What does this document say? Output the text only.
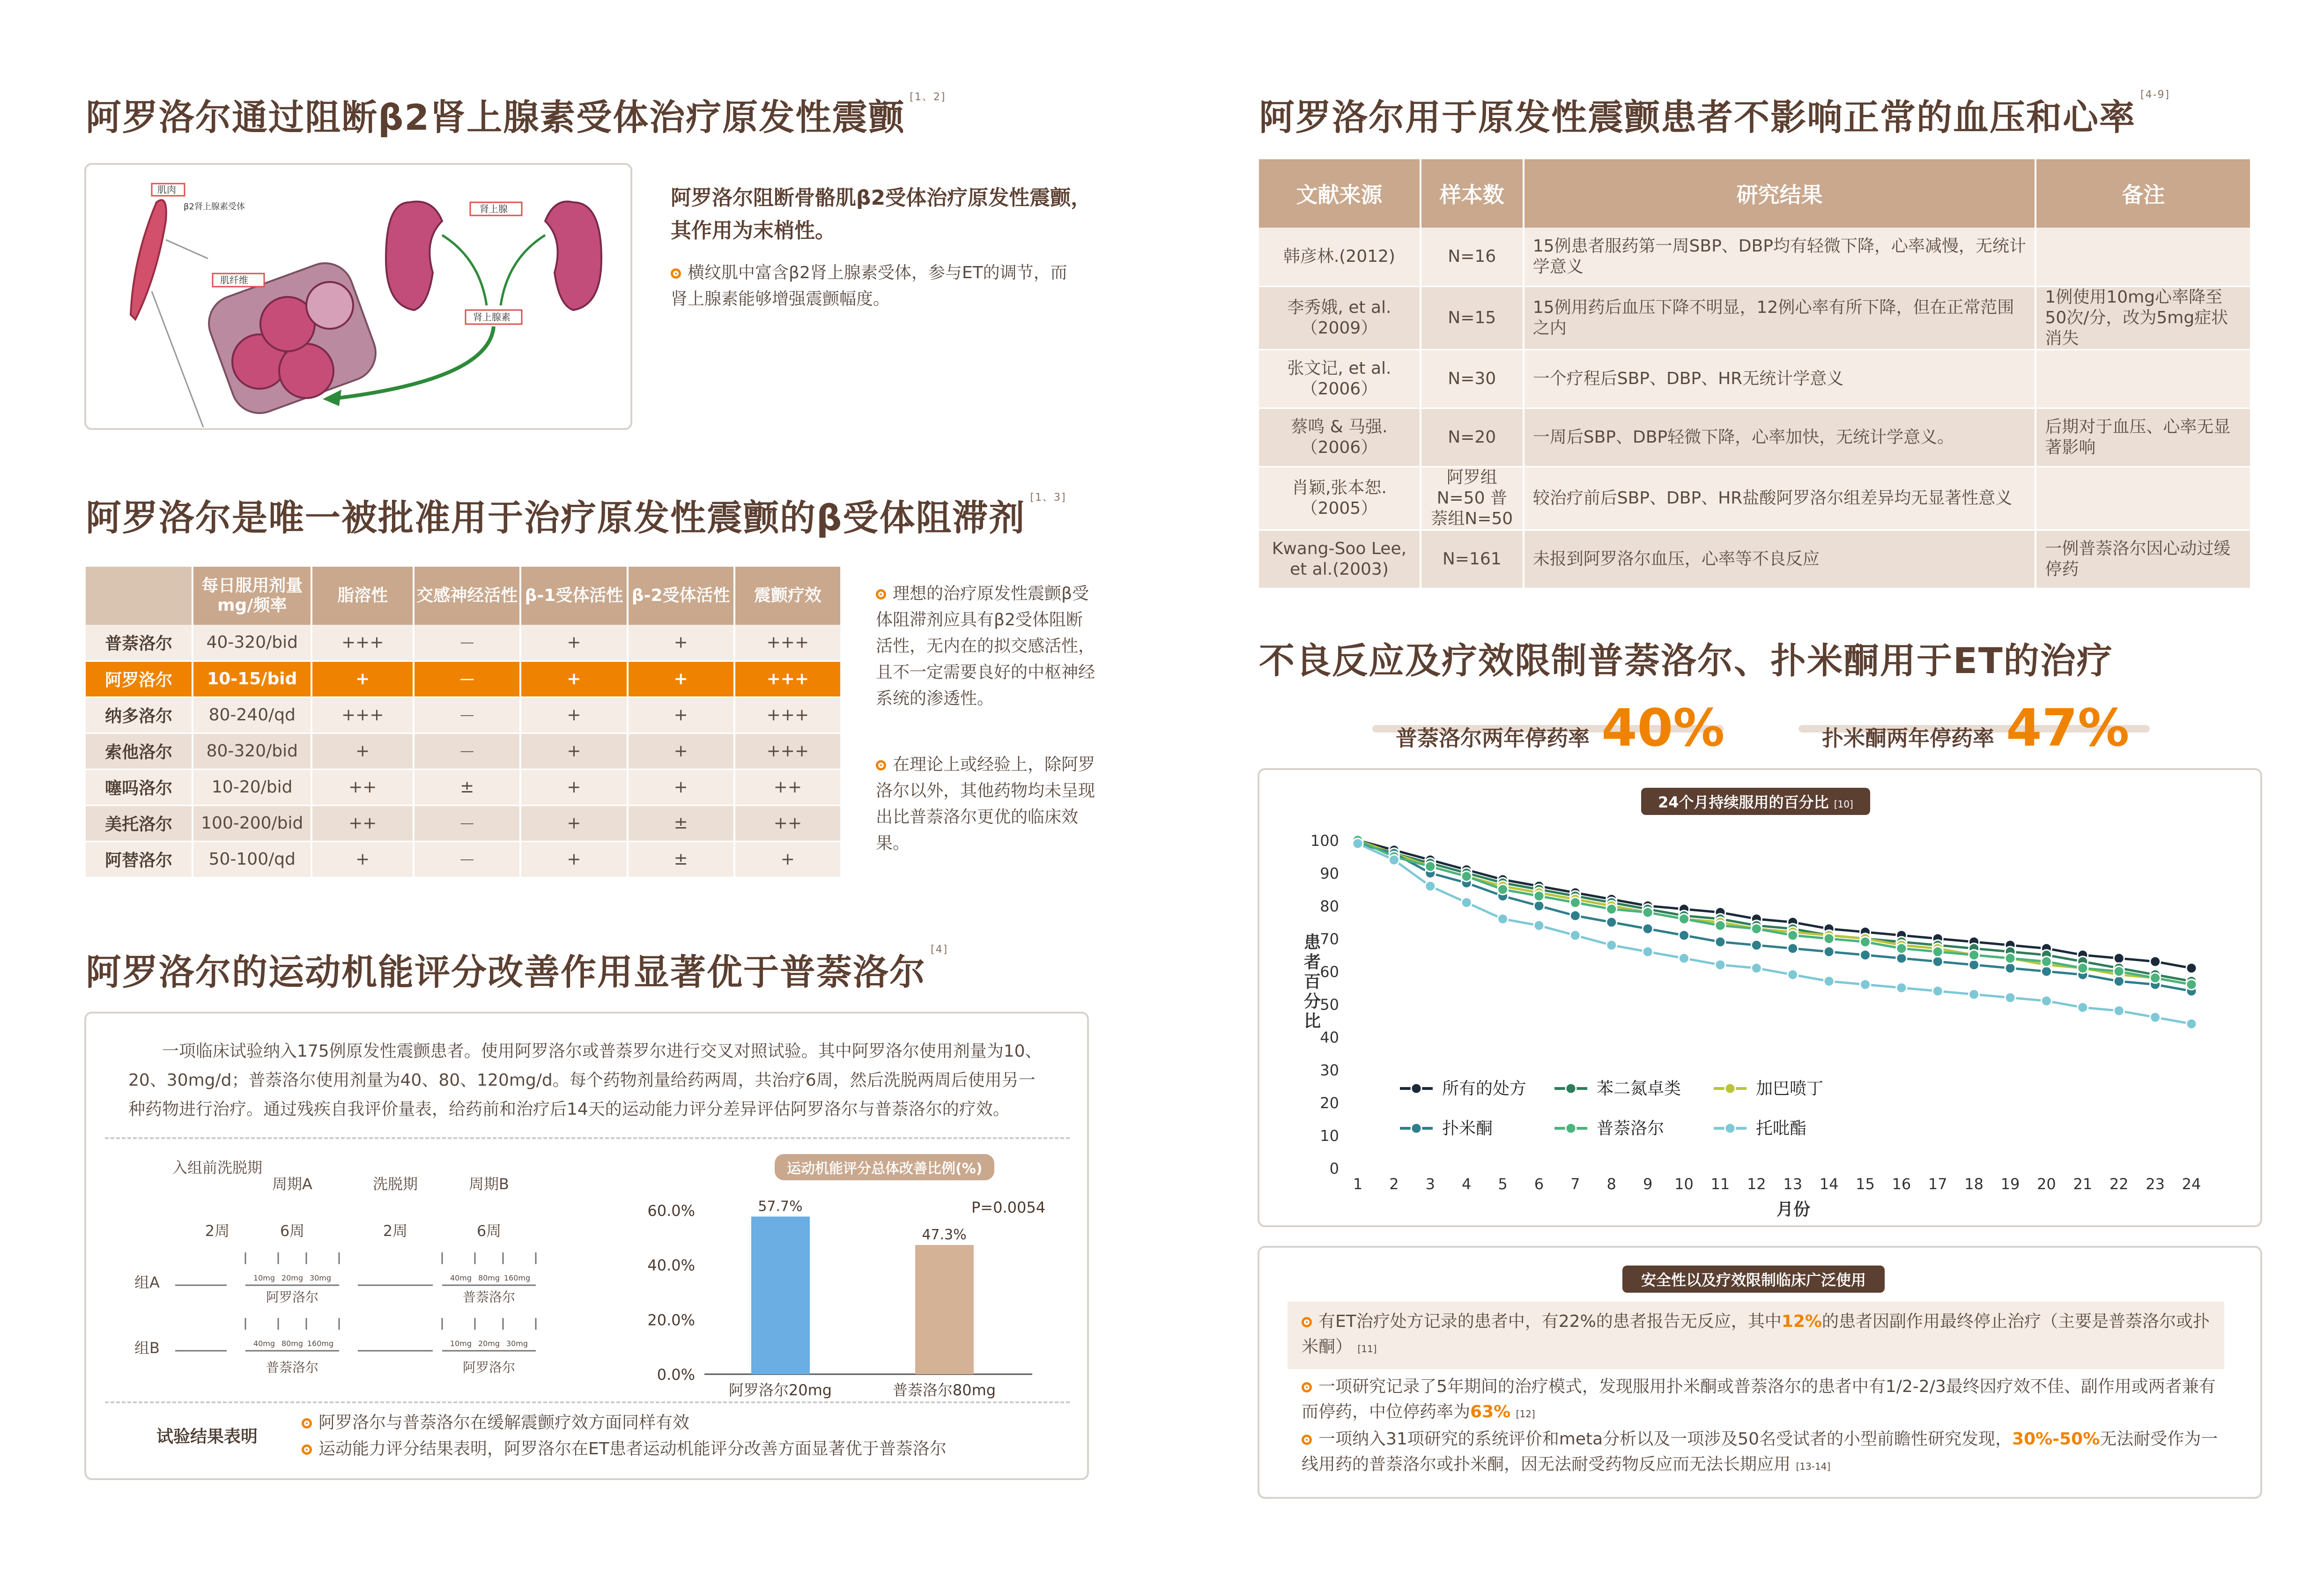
阿罗洛尔通过阻断β2肾上腺素受体治疗原发性震颤 [1、2]
肌肉
β2肾上腺素受体
肌纤维
肾上腺
肾上腺素
阿罗洛尔阻断骨骼肌β2受体治疗原发性震颤，其作用为末梢性。
横纹肌中富含β2肾上腺素受体，参与ET的调节，而肾上腺素能够增强震颤幅度。
阿罗洛尔是唯一被批准用于治疗原发性震颤的β受体阻滞剂 [1、3]
	每日服用剂量mg/频率	脂溶性	交感神经活性	β-1受体活性	β-2受体活性	震颤疗效
普萘洛尔	40-320/bid	+++	－	+	+	+++
阿罗洛尔	10-15/bid	+	－	+	+	+++
纳多洛尔	80-240/qd	+++	－	+	+	+++
索他洛尔	80-320/bid	+	－	+	+	+++
噻吗洛尔	10-20/bid	++	±	+	+	++
美托洛尔	100-200/bid	++	－	+	±	++
阿替洛尔	50-100/qd	+	－	+	±	+
理想的治疗原发性震颤β受体阻滞剂应具有β2受体阻断活性，无内在的拟交感活性，且不一定需要良好的中枢神经系统的渗透性。
在理论上或经验上，除阿罗洛尔以外，其他药物均未呈现出比普萘洛尔更优的临床效果。
阿罗洛尔的运动机能评分改善作用显著优于普萘洛尔[4]
一项临床试验纳入175例原发性震颤患者。使用阿罗洛尔或普萘罗尔进行交叉对照试验。其中阿罗洛尔使用剂量为10、20、30mg/d；普萘洛尔使用剂量为40、80、120mg/d。每个药物剂量给药两周，共治疗6周，然后洗脱两周后使用另一种药物进行治疗。通过残疾自我评价量表，给药前和治疗后14天的运动能力评分差异评估阿罗洛尔与普萘洛尔的疗效。
入组前洗脱期
周期A	洗脱期	周期B
2周	6周	2周	6周
组A
组B
阿罗洛尔	普萘洛尔
普萘洛尔	阿罗洛尔
10mg 20mg 30mg	40mg 80mg 160mg
40mg 80mg 160mg	10mg 20mg 30mg
运动机能评分总体改善比例(%)
0.0%
20.0%
40.0%
60.0%	57.7%
阿罗洛尔20mg
47.3%
普萘洛尔80mg
P=0.0054
试验结果表明
阿罗洛尔与普萘洛尔在缓解震颤疗效方面同样有效
运动能力评分结果表明，阿罗洛尔在ET患者运动机能评分改善方面显著优于普萘洛尔
阿罗洛尔用于原发性震颤患者不影响正常的血压和心率[4-9]
文献来源	样本数	研究结果	备注
韩彦林.(2012)	N=16	15例患者服药第一周SBP、DBP均有轻微下降，心率减慢，无统计学意义	
李秀娥, et al.（2009）	N=15	15例用药后血压下降不明显，12例心率有所下降，但在正常范围之内	1例使用10mg心率降至50次/分，改为5mg症状消失
张文记, et al.（2006）	N=30	一个疗程后SBP、DBP、HR无统计学意义	
蔡鸣 & 马强.（2006）	N=20	一周后SBP、DBP轻微下降，心率加快，无统计学意义。	后期对于血压、心率无显著影响
肖颖,张本恕.（2005）	阿罗组N=50 普萘组N=50	较治疗前后SBP、DBP、HR盐酸阿罗洛尔组差异均无显著性意义	
Kwang-Soo Lee, et al.(2003)	N=161	未报到阿罗洛尔血压，心率等不良反应	一例普萘洛尔因心动过缓停药
不良反应及疗效限制普萘洛尔、扑米酮用于ET的治疗
普萘洛尔两年停药率 40%	扑米酮两年停药率 47%
24个月持续服用的百分比 [10]
0
10
20
30
40
50
60
70
80
90
100
1 2 3 4 5 6 7 8 9 10 11 12 13 14 15 16 17 18 19 20 21 22 23 24
月份
患者百分比
所有的处方	苯二氮卓类	加巴喷丁
扑米酮	普萘洛尔	托吡酯
安全性以及疗效限制临床广泛使用
有ET治疗处方记录的患者中，有22%的患者报告无反应，其中12%的患者因副作用最终停止治疗（主要是普萘洛尔或扑米酮） [11]
一项研究记录了5年期间的治疗模式，发现服用扑米酮或普萘洛尔的患者中有1/2-2/3最终因疗效不佳、副作用或两者兼有而停药，中位停药率为63% [12]
一项纳入31项研究的系统评价和meta分析以及一项涉及50名受试者的小型前瞻性研究发现，30%-50%无法耐受作为一线用药的普萘洛尔或扑米酮，因无法耐受药物反应而无法长期应用 [13-14]
